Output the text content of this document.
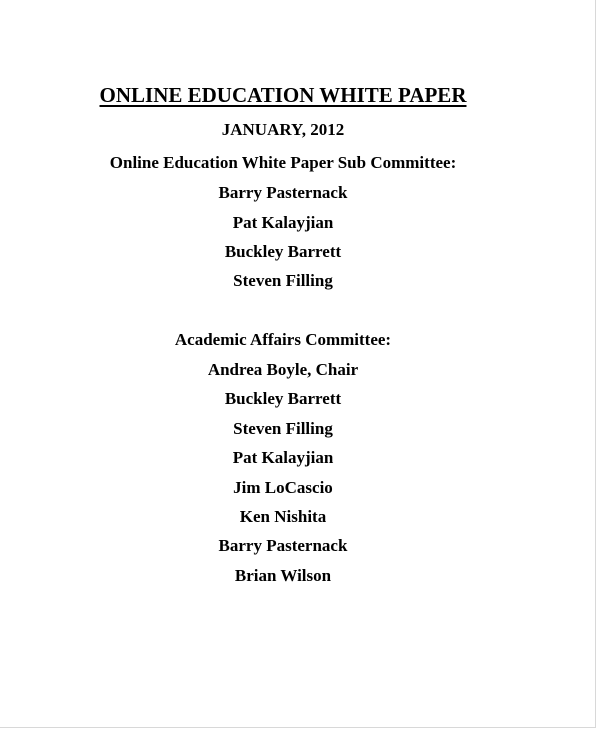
ONLINE EDUCATION WHITE PAPER
JANUARY, 2012
Online Education White Paper Sub Committee:
Barry Pasternack
Pat Kalayjian
Buckley Barrett
Steven Filling
Academic Affairs Committee:
Andrea Boyle, Chair
Buckley Barrett
Steven Filling
Pat Kalayjian
Jim LoCascio
Ken Nishita
Barry Pasternack
Brian Wilson
